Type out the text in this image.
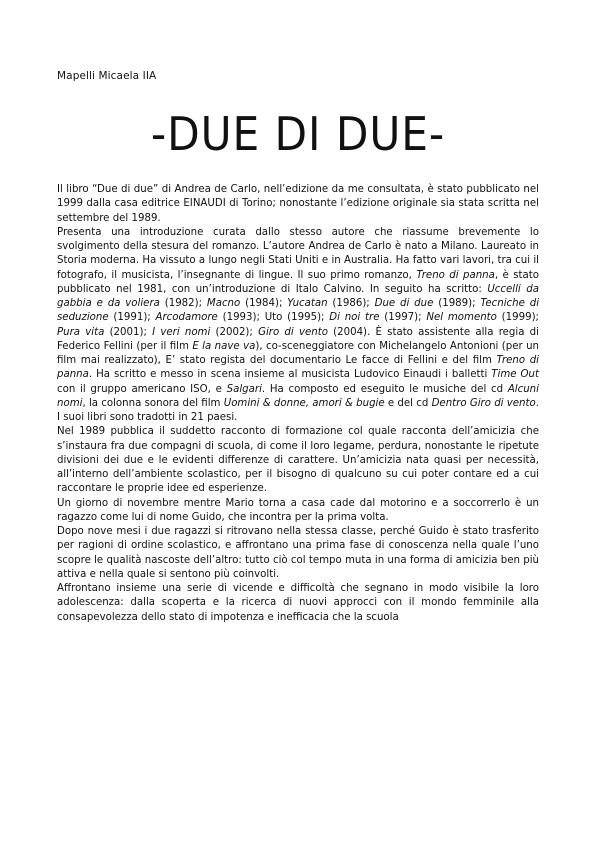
Mapelli Micaela IIA
-DUE DI DUE-

Il libro “Due di due” di Andrea de Carlo, nell’edizione da me consultata, è stato pubblicato nel 1999 dalla casa editrice EINAUDI di Torino; nonostante l’edizione originale sia stata scritta nel settembre del 1989.

Presenta una introduzione curata dallo stesso autore che riassume brevemente lo svolgimento della stesura del romanzo. L’autore Andrea de Carlo è nato a Milano. Laureato in Storia moderna. Ha vissuto a lungo negli Stati Uniti e in Australia. Ha fatto vari lavori, tra cui il fotografo, il musicista, l’insegnante di lingue. Il suo primo romanzo, Treno di panna, è stato pubblicato nel 1981, con un’introduzione di Italo Calvino. In seguito ha scritto: Uccelli da gabbia e da voliera (1982); Macno (1984); Yucatan (1986); Due di due (1989); Tecniche di seduzione (1991); Arcodamore (1993); Uto (1995); Di noi tre (1997); Nel momento (1999); Pura vita (2001); I veri nomi (2002); Giro di vento (2004). È stato assistente alla regia di Federico Fellini (per il film E la nave va), co-sceneggiatore con Michelangelo Antonioni (per un film mai realizzato), E’ stato regista del documentario Le facce di Fellini e del film Treno di panna. Ha scritto e messo in scena insieme al musicista Ludovico Einaudi i balletti Time Out con il gruppo americano ISO, e Salgari. Ha composto ed eseguito le musiche del cd Alcuni nomi, la colonna sonora del film Uomini & donne, amori & bugie e del cd Dentro Giro di vento. I suoi libri sono tradotti in 21 paesi.

Nel 1989 pubblica il suddetto racconto di formazione col quale racconta dell’amicizia che s’instaura fra due compagni di scuola, di come il loro legame, perdura, nonostante le ripetute divisioni dei due e le evidenti differenze di carattere. Un’amicizia nata quasi per necessità, all’interno dell’ambiente scolastico, per il bisogno di qualcuno su cui poter contare ed a cui raccontare le proprie idee ed esperienze.

Un giorno di novembre mentre Mario torna a casa cade dal motorino e a soccorrerlo è un ragazzo come lui di nome Guido, che incontra per la prima volta.

Dopo nove mesi i due ragazzi si ritrovano nella stessa classe, perché Guido è stato trasferito per ragioni di ordine scolastico, e affrontano una prima fase di conoscenza nella quale l’uno scopre le qualità nascoste dell’altro: tutto ciò col tempo muta in una forma di amicizia ben più attiva e nella quale si sentono più coinvolti.

Affrontano insieme una serie di vicende e difficoltà che segnano in modo visibile la loro adolescenza: dalla scoperta e la ricerca di nuovi approcci con il mondo femminile alla consapevolezza dello stato di impotenza e inefficacia che la scuola
